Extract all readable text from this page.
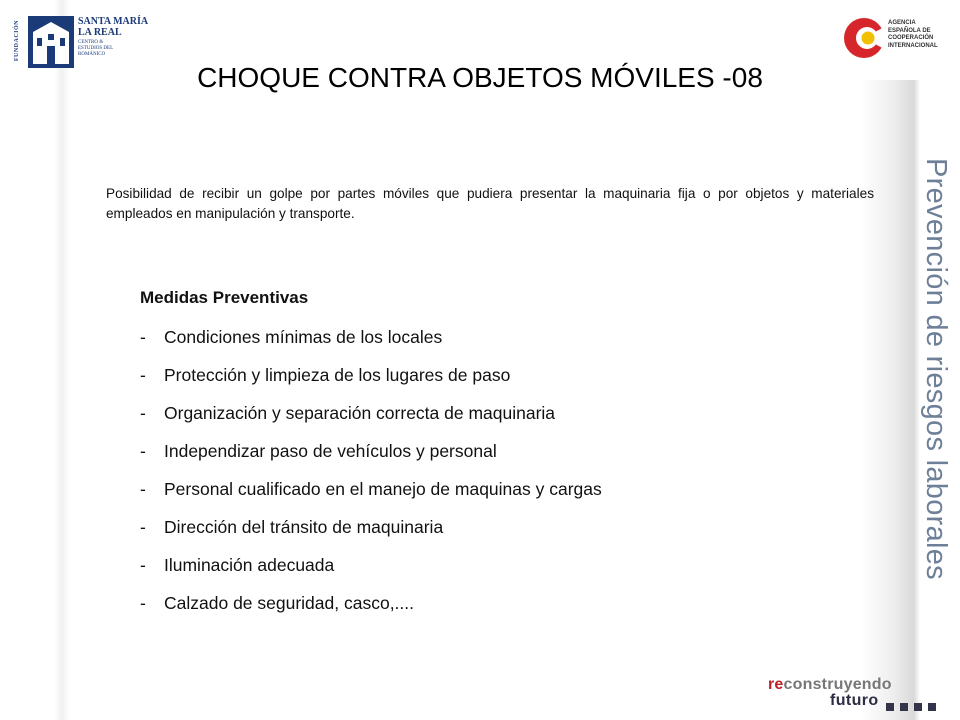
FUNDACIÓN	SANTA MARÍA
LA REAL
CENTRO &
ESTUDIOS DEL
ROMÁNICO
AGENCIA
ESPAÑOLA DE
COOPERACIÓN
INTERNACIONAL
CHOQUE CONTRA OBJETOS MÓVILES -08
Posibilidad de recibir un golpe por partes móviles que pudiera presentar la maquinaria fija o por objetos y materiales empleados en manipulación y transporte.
Medidas Preventivas
- Condiciones mínimas de los locales
- Protección y limpieza de los lugares de paso
- Organización y separación correcta de maquinaria
- Independizar paso de vehículos y personal
- Personal cualificado en el manejo de maquinas y cargas
- Dirección del tránsito de maquinaria
- Iluminación adecuada
- Calzado de seguridad, casco,....
Prevención de riesgos laborales
reconstruyendo
futuro
